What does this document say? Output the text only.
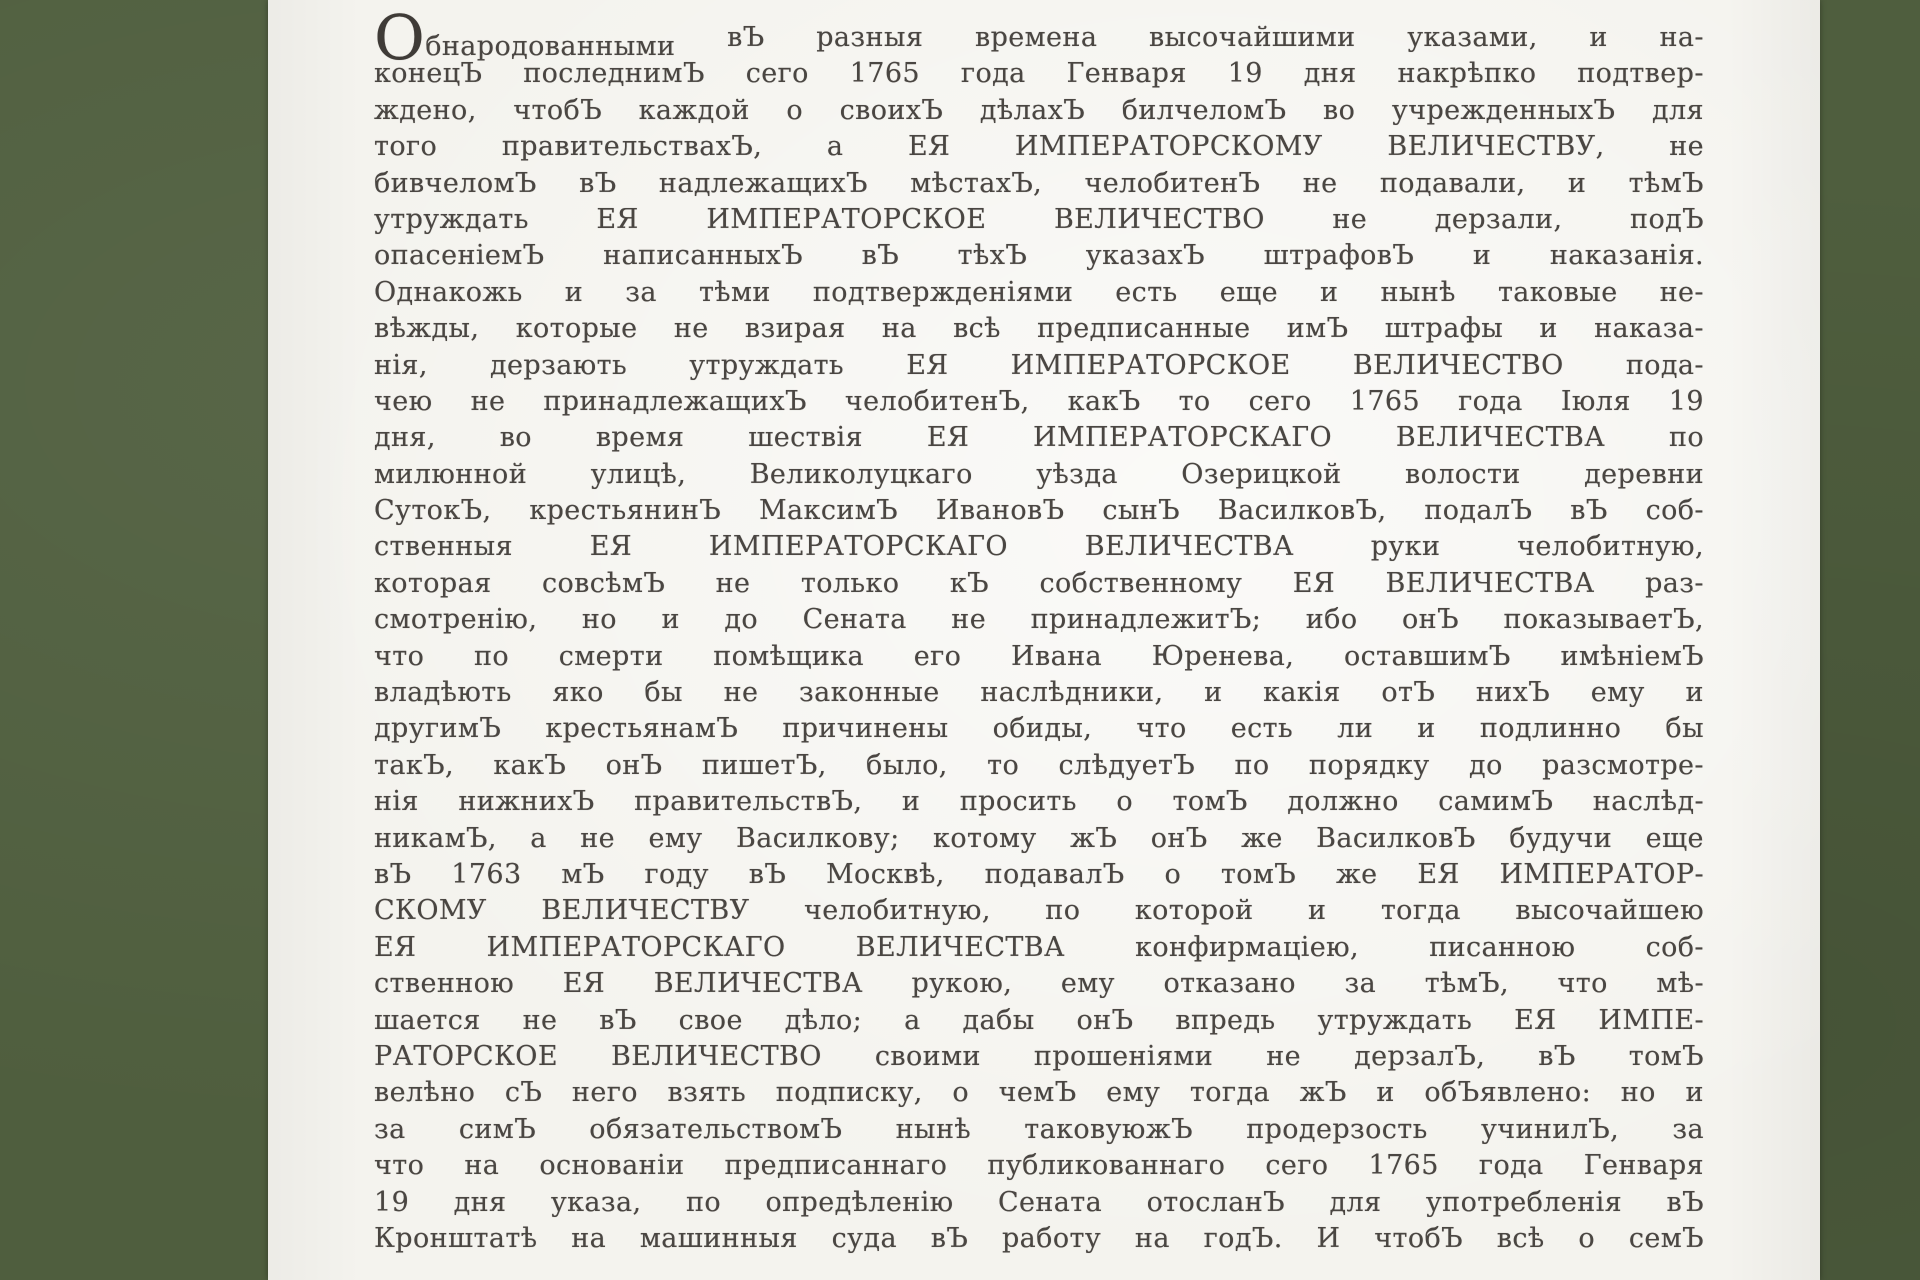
Обнародованными вЪ разныя времена высочайшими указами, и на-
конецЪ последнимЪ сего 1765 года Генваря 19 дня накрѣпко подтвер-
ждено, чтобЪ каждой о своихЪ дѣлахЪ билчеломЪ во учрежденныхЪ для
того правительствахЪ, а ЕЯ ИМПЕРАТОРСКОМУ ВЕЛИЧЕСТВУ, не
бивчеломЪ вЪ надлежащихЪ мѣстахЪ, челобитенЪ не подавали, и тѣмЪ
утруждать	ЕЯ	ИМПЕРАТОРСКОЕ	ВЕЛИЧЕСТВО	не	дерзали,	подЪ
опасеніемЪ написанныхЪ вЪ тѣхЪ указахЪ штрафовЪ и наказанія.
Однакожь и за тѣми подтвержденіями есть еще и нынѣ таковые не-
вѣжды, которые не взирая на всѣ предписанные имЪ штрафы и наказа-
нія, дерзають утруждать ЕЯ ИМПЕРАТОРСКОЕ ВЕЛИЧЕСТВО пода-
чею не принадлежащихЪ челобитенЪ, какЪ то сего 1765 года Іюля 19
дня, во время шествія ЕЯ ИМПЕРАТОРСКАГО ВЕЛИЧЕСТВА по
милюнной улицѣ, Великолуцкаго уѣзда Озерицкой волости деревни
СутокЪ, крестьянинЪ МаксимЪ ИвановЪ сынЪ ВасилковЪ, подалЪ вЪ соб-
ственныя	ЕЯ	ИМПЕРАТОРСКАГО	ВЕЛИЧЕСТВА	руки	челобитную,
которая совсѣмЪ не только кЪ собственному ЕЯ ВЕЛИЧЕСТВА раз-
смотренію, но и до Сената не принадлежитЪ; ибо онЪ показываетЪ,
что по смерти помѣщика его Ивана Юренева, оставшимЪ имѣніемЪ
владѣють яко бы не законные наслѣдники, и какія отЪ нихЪ ему и
другимЪ крестьянамЪ причинены обиды, что есть ли и подлинно бы
такЪ, какЪ онЪ пишетЪ, было, то слѣдуетЪ по порядку до разсмотре-
нія нижнихЪ правительствЪ, и просить о томЪ должно самимЪ наслѣд-
никамЪ, а не ему Василкову; котому жЪ онЪ же ВасилковЪ будучи еще
вЪ 1763 мЪ году вЪ Москвѣ, подавалЪ о томЪ же ЕЯ ИМПЕРАТОР-
СКОМУ ВЕЛИЧЕСТВУ челобитную, по которой и тогда высочайшею
ЕЯ	ИМПЕРАТОРСКАГО	ВЕЛИЧЕСТВА	конфирмаціею,	писанною	соб-
ственною ЕЯ ВЕЛИЧЕСТВА рукою, ему отказано за тѣмЪ, что мѣ-
шается не вЪ свое дѣло; а дабы онЪ впредь утруждать ЕЯ ИМПЕ-
РАТОРСКОЕ ВЕЛИЧЕСТВО своими прошеніями не дерзалЪ, вЪ томЪ
велѣно сЪ него взять подписку, о чемЪ ему тогда жЪ и обЪявлено: но и
за симЪ обязательствомЪ нынѣ таковуюжЪ продерзость учинилЪ, за
что на основаніи предписаннаго публикованнаго сего 1765 года Генваря
19 дня указа, по опредѣленію Сената отосланЪ для употребленія вЪ
Кронштатѣ на машинныя суда вЪ работу на годЪ. И чтобЪ всѣ о семЪ
